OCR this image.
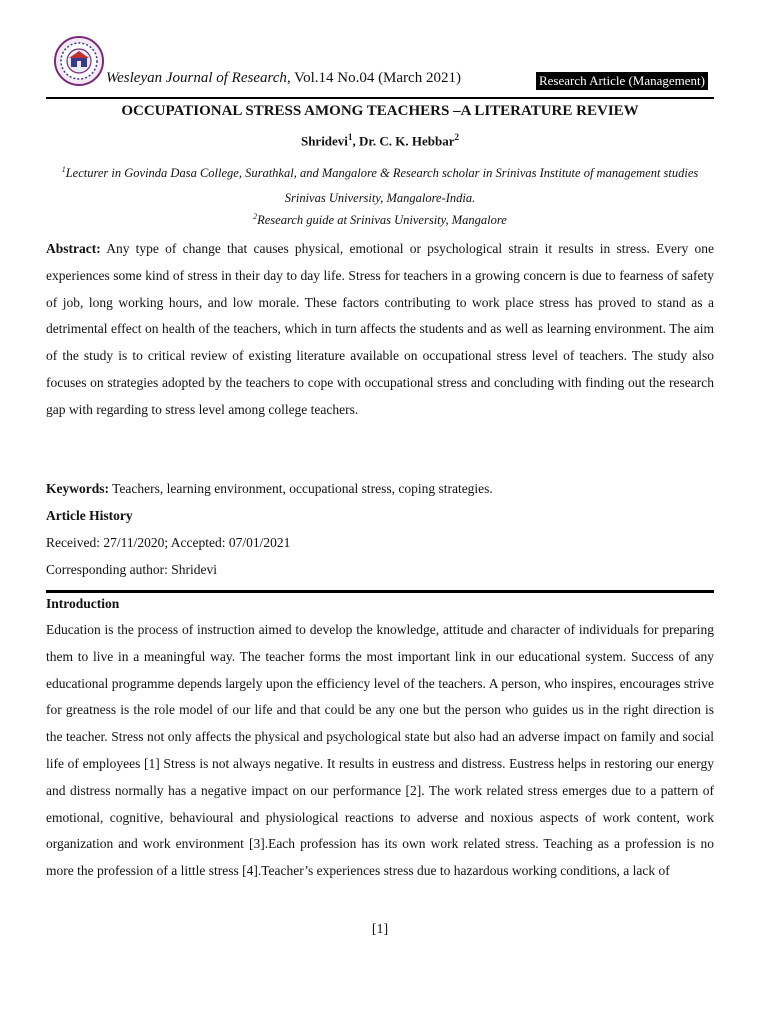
Wesleyan Journal of Research, Vol.14 No.04 (March 2021)	Research Article (Management)
OCCUPATIONAL STRESS AMONG TEACHERS –A LITERATURE REVIEW
Shridevi$^1$, Dr. C. K. Hebbar$^2$
$^1$Lecturer in Govinda Dasa College, Surathkal, and Mangalore & Research scholar in Srinivas Institute of management studies Srinivas University, Mangalore-India.
$^2$Research guide at Srinivas University, Mangalore
Abstract: Any type of change that causes physical, emotional or psychological strain it results in stress. Every one experiences some kind of stress in their day to day life. Stress for teachers in a growing concern is due to fearness of safety of job, long working hours, and low morale. These factors contributing to work place stress has proved to stand as a detrimental effect on health of the teachers, which in turn affects the students and as well as learning environment. The aim of the study is to critical review of existing literature available on occupational stress level of teachers. The study also focuses on strategies adopted by the teachers to cope with occupational stress and concluding with finding out the research gap with regarding to stress level among college teachers.
Keywords: Teachers, learning environment, occupational stress, coping strategies.
Article History
Received: 27/11/2020; Accepted: 07/01/2021
Corresponding author: Shridevi
Introduction
Education is the process of instruction aimed to develop the knowledge, attitude and character of individuals for preparing them to live in a meaningful way. The teacher forms the most important link in our educational system. Success of any educational programme depends largely upon the efficiency level of the teachers. A person, who inspires, encourages strive for greatness is the role model of our life and that could be any one but the person who guides us in the right direction is the teacher. Stress not only affects the physical and psychological state but also had an adverse impact on family and social life of employees [1] Stress is not always negative. It results in eustress and distress. Eustress helps in restoring our energy and distress normally has a negative impact on our performance [2]. The work related stress emerges due to a pattern of emotional, cognitive, behavioural and physiological reactions to adverse and noxious aspects of work content, work organization and work environment [3].Each profession has its own work related stress. Teaching as a profession is no more the profession of a little stress [4].Teacher’s experiences stress due to hazardous working conditions, a lack of
[1]
